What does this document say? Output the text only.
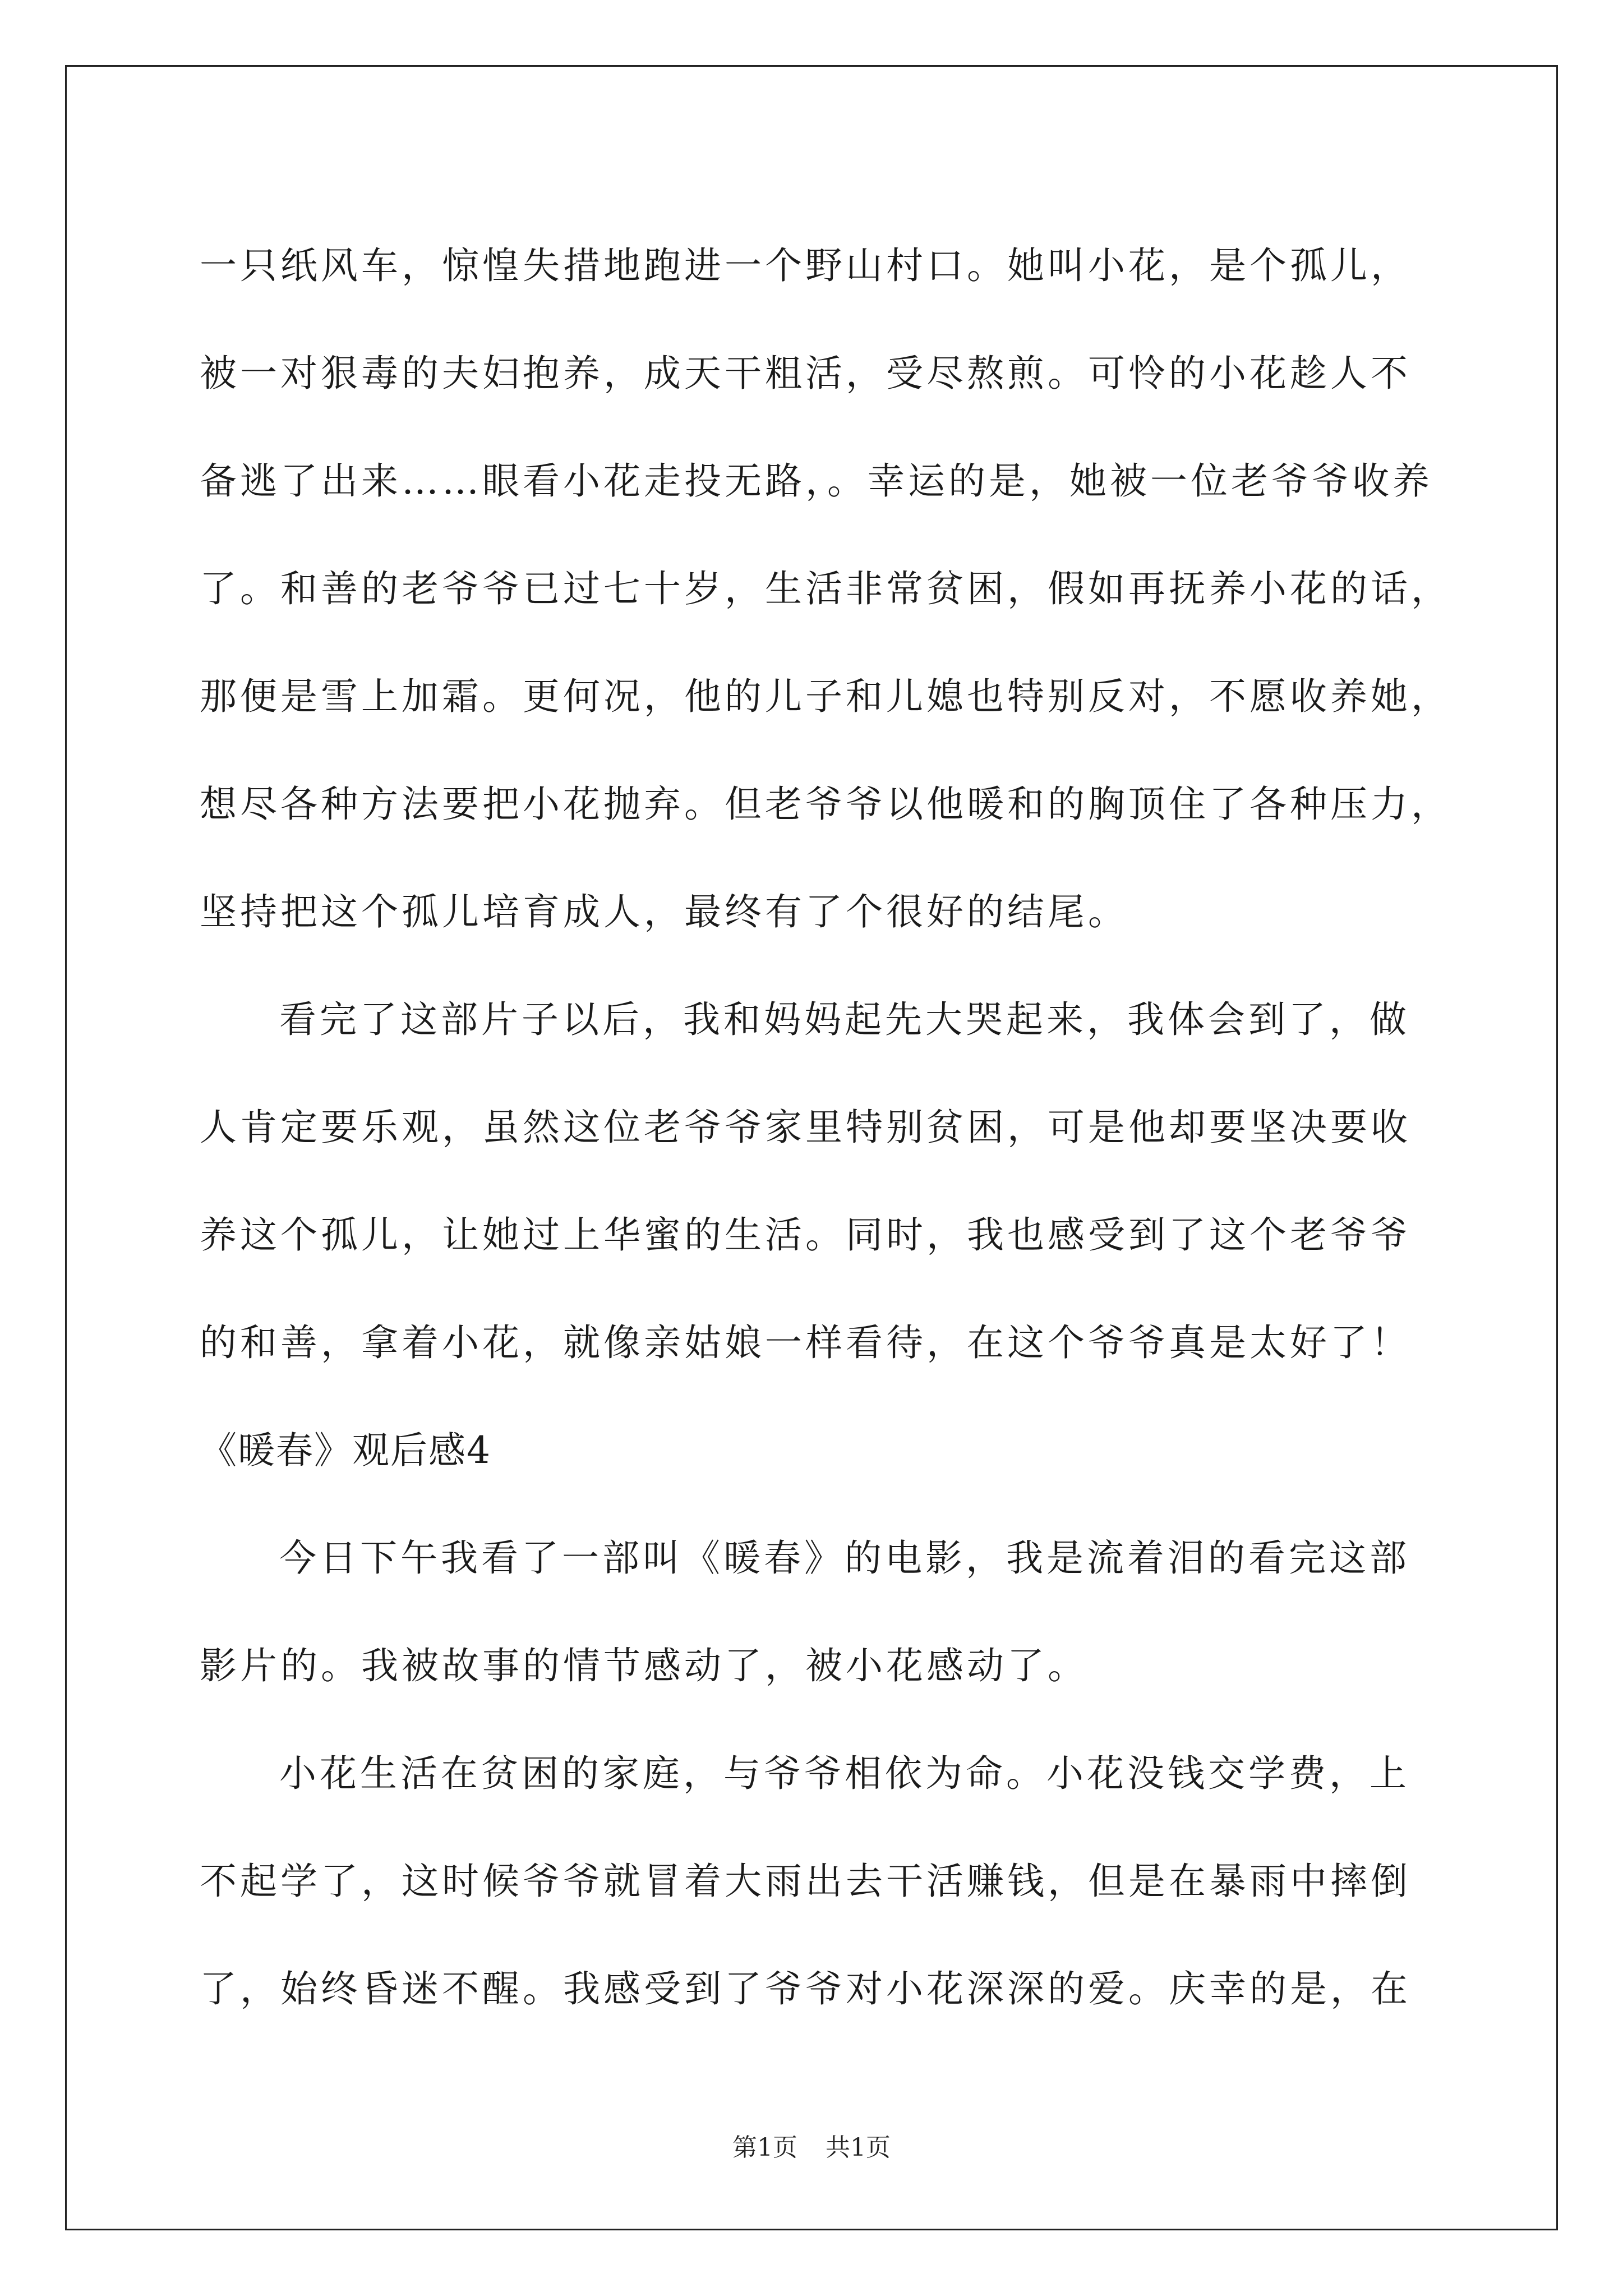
一只纸风车，惊惶失措地跑进一个野山村口。她叫小花，是个孤儿，
被一对狠毒的夫妇抱养，成天干粗活，受尽熬煎。可怜的小花趁人不
备逃了出来……眼看小花走投无路，。幸运的是，她被一位老爷爷收养
了。和善的老爷爷已过七十岁，生活非常贫困，假如再抚养小花的话，
那便是雪上加霜。更何况，他的儿子和儿媳也特别反对，不愿收养她，
想尽各种方法要把小花抛弃。但老爷爷以他暖和的胸顶住了各种压力，
坚持把这个孤儿培育成人，最终有了个很好的结尾。
看完了这部片子以后，我和妈妈起先大哭起来，我体会到了，做
人肯定要乐观，虽然这位老爷爷家里特别贫困，可是他却要坚决要收
养这个孤儿，让她过上华蜜的生活。同时，我也感受到了这个老爷爷
的和善，拿着小花，就像亲姑娘一样看待，在这个爷爷真是太好了！
《暖春》观后感4
今日下午我看了一部叫《暖春》的电影，我是流着泪的看完这部
影片的。我被故事的情节感动了，被小花感动了。
小花生活在贫困的家庭，与爷爷相依为命。小花没钱交学费，上
不起学了，这时候爷爷就冒着大雨出去干活赚钱，但是在暴雨中摔倒
了，始终昏迷不醒。我感受到了爷爷对小花深深的爱。庆幸的是，在
第1页 共1页
